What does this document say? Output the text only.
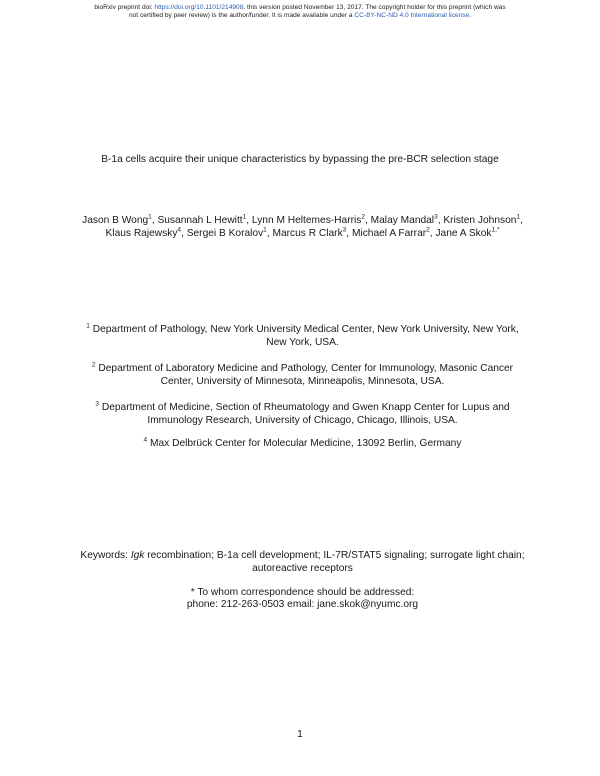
bioRxiv preprint doi: https://doi.org/10.1101/214908. this version posted November 13, 2017. The copyright holder for this preprint (which was
not certified by peer review) is the author/funder. It is made available under a CC-BY-NC-ND 4.0 International license.
B-1a cells acquire their unique characteristics by bypassing the pre-BCR selection stage
Jason B Wong$^1$, Susannah L Hewitt$^1$, Lynn M Heltemes-Harris$^2$, Malay Mandal$^3$, Kristen Johnson$^1$, Klaus Rajewsky$^4$, Sergei B Koralov$^1$, Marcus R Clark$^3$, Michael A Farrar$^2$, Jane A Skok$^{1,*}$
$^1$ Department of Pathology, New York University Medical Center, New York University, New York, New York, USA.
$^2$ Department of Laboratory Medicine and Pathology, Center for Immunology, Masonic Cancer Center, University of Minnesota, Minneapolis, Minnesota, USA.
$^3$ Department of Medicine, Section of Rheumatology and Gwen Knapp Center for Lupus and Immunology Research, University of Chicago, Chicago, Illinois, USA.
$^4$ Max Delbrück Center for Molecular Medicine, 13092 Berlin, Germany
Keywords: Igk recombination; B-1a cell development; IL-7R/STAT5 signaling; surrogate light chain; autoreactive receptors
* To whom correspondence should be addressed:
phone: 212-263-0503 email: jane.skok@nyumc.org
1
